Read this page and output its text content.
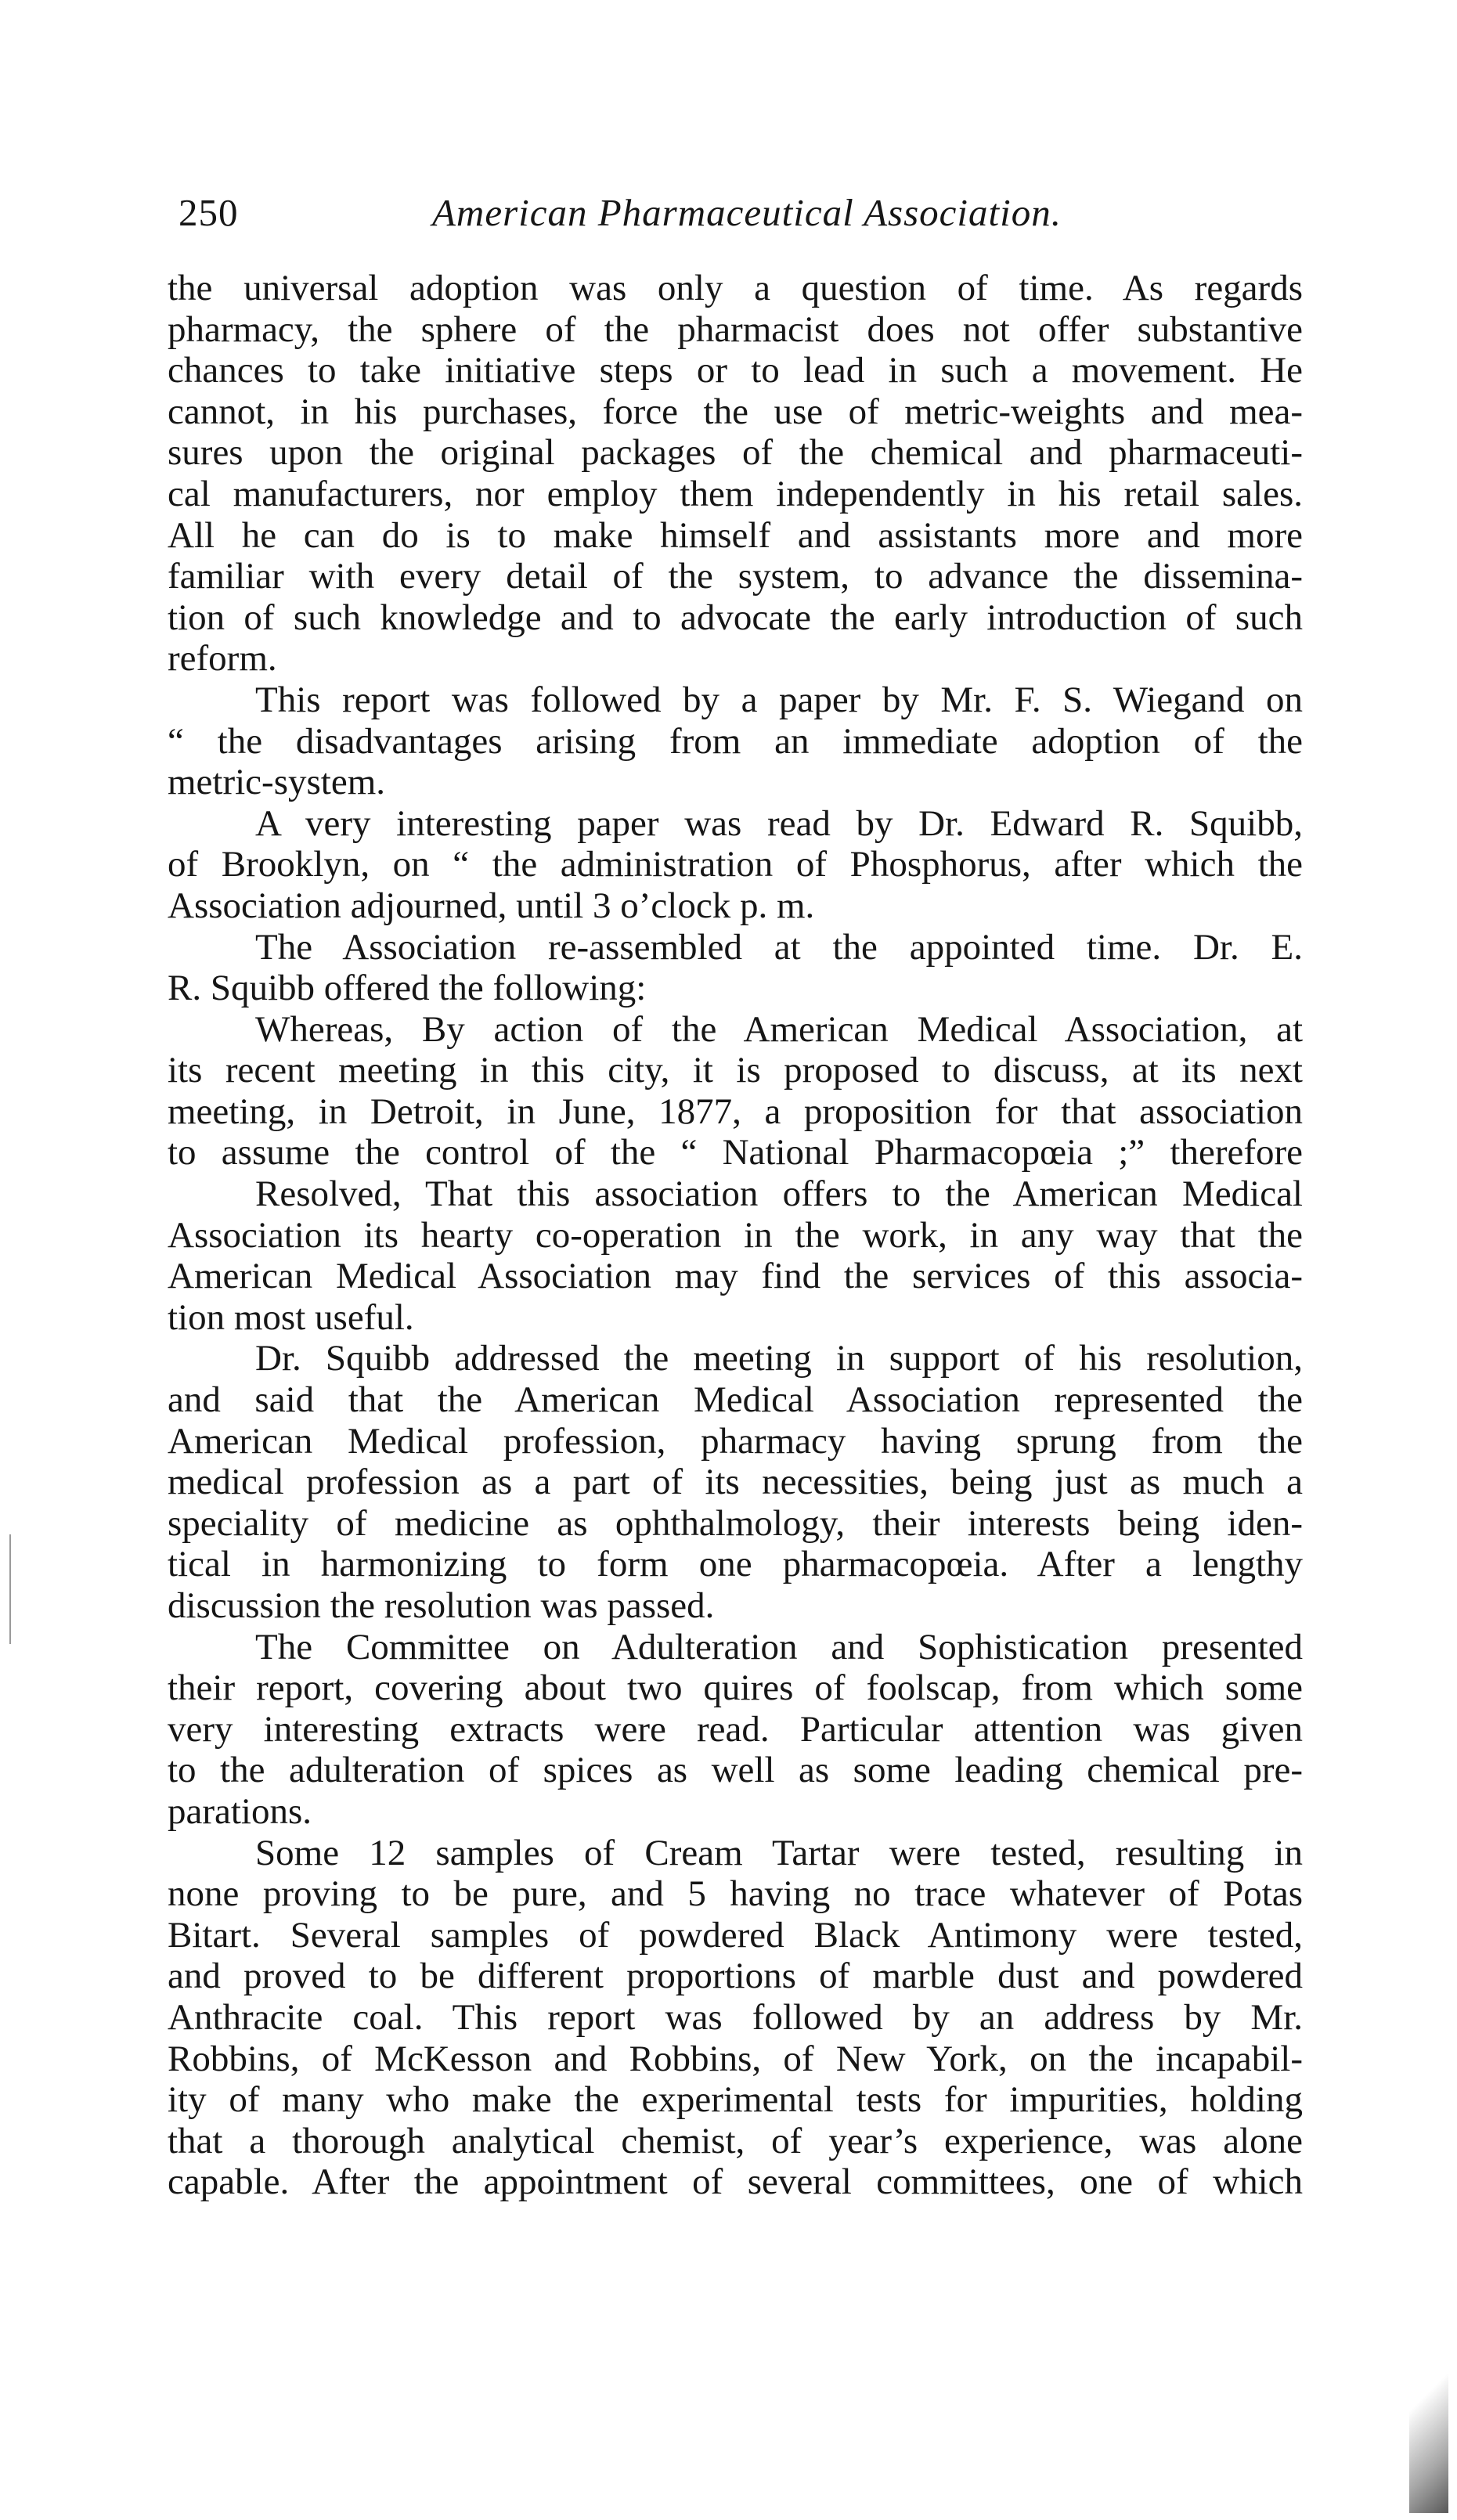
250	American Pharmaceutical Association.
the universal adoption was only a question of time. As regards
pharmacy, the sphere of the pharmacist does not offer substantive
chances to take initiative steps or to lead in such a movement. He
cannot, in his purchases, force the use of metric-weights and mea-
sures upon the original packages of the chemical and pharmaceuti-
cal manufacturers, nor employ them independently in his retail sales.
All he can do is to make himself and assistants more and more
familiar with every detail of the system, to advance the dissemina-
tion of such knowledge and to advocate the early introduction of such
reform.
This report was followed by a paper by Mr. F. S. Wiegand on
“ the disadvantages arising from an immediate adoption of the
metric-system.
A very interesting paper was read by Dr. Edward R. Squibb,
of Brooklyn, on “ the administration of Phosphorus, after which the
Association adjourned, until 3 o’clock p. m.
The Association re-assembled at the appointed time. Dr. E.
R. Squibb offered the following:
Whereas, By action of the American Medical Association, at
its recent meeting in this city, it is proposed to discuss, at its next
meeting, in Detroit, in June, 1877, a proposition for that association
to assume the control of the “ National Pharmacopœia ;” therefore
Resolved, That this association offers to the American Medical
Association its hearty co-operation in the work, in any way that the
American Medical Association may find the services of this associa-
tion most useful.
Dr. Squibb addressed the meeting in support of his resolution,
and said that the American Medical Association represented the
American Medical profession, pharmacy having sprung from the
medical profession as a part of its necessities, being just as much a
speciality of medicine as ophthalmology, their interests being iden-
tical in harmonizing to form one pharmacopœia. After a lengthy
discussion the resolution was passed.
The Committee on Adulteration and Sophistication presented
their report, covering about two quires of foolscap, from which some
very interesting extracts were read. Particular attention was given
to the adulteration of spices as well as some leading chemical pre-
parations.
Some 12 samples of Cream Tartar were tested, resulting in
none proving to be pure, and 5 having no trace whatever of Potas
Bitart. Several samples of powdered Black Antimony were tested,
and proved to be different proportions of marble dust and powdered
Anthracite coal. This report was followed by an address by Mr.
Robbins, of McKesson and Robbins, of New York, on the incapabil-
ity of many who make the experimental tests for impurities, holding
that a thorough analytical chemist, of year’s experience, was alone
capable. After the appointment of several committees, one of which
